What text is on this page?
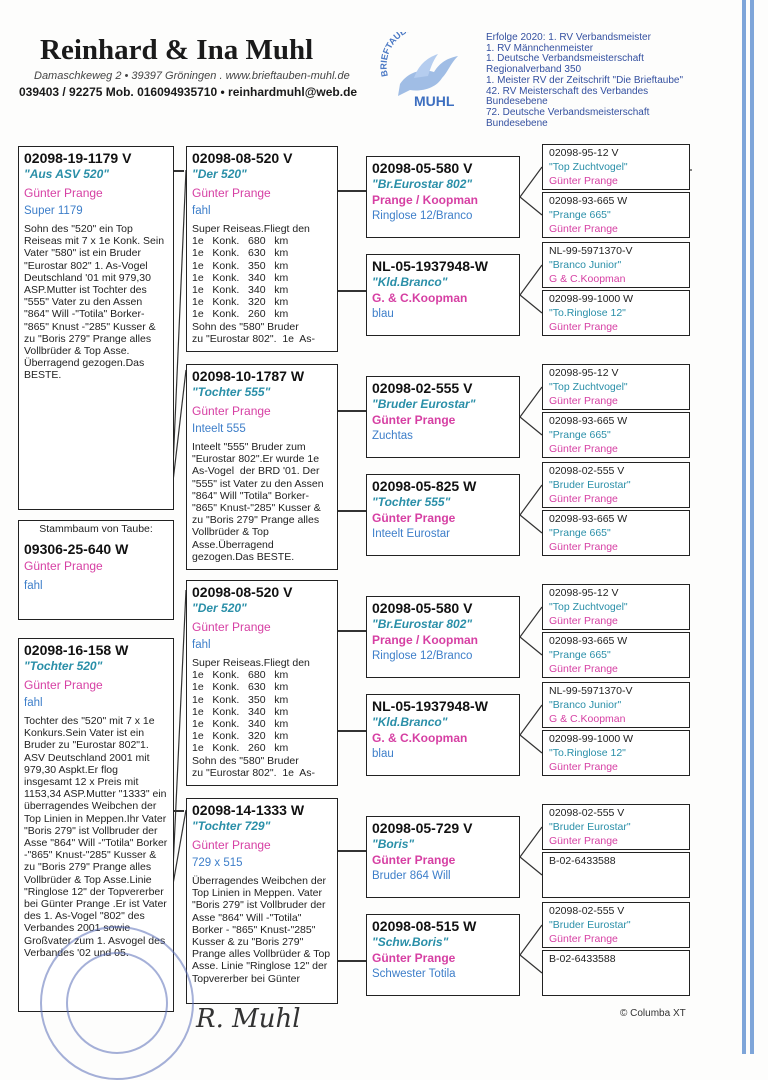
Reinhard & Ina Muhl
Damaschkeweg 2 • 39397 Gröningen . www.brieftauben-muhl.de
039403 / 92275 Mob. 016094935710 • reinhardmuhl@web.de
BRIEFTAU
MUHL
Erfolge 2020: 1. RV Verbandsmeister
1. RV Männchenmeister
1. Deutsche Verbandsmeisterschaft
Regionalverband 350
1. Meister RV der Zeitschrift "Die Brieftaube"
42. RV Meisterschaft des Verbandes
Bundesebene
72. Deutsche Verbandsmeisterschaft
Bundesebene
02098-19-1179 V
"Aus ASV 520"
Günter Prange
Super 1179
Sohn des "520" ein Top Reiseas mit 7 x 1e Konk. Sein Vater "580" ist ein Bruder "Eurostar 802" 1. As-Vogel Deutschland '01 mit 979,30 ASP.Mutter ist Tochter des "555" Vater zu den Assen "864" Will -"Totila" Borker-"865" Knust -"285" Kusser & zu "Boris 279" Prange alles Vollbrüder & Top Asse. Überragend gezogen.Das BESTE.
Stammbaum von Taube:
09306-25-640 W
Günter Prange
fahl
02098-16-158 W
"Tochter 520"
Günter Prange
fahl
Tochter des "520" mit 7 x 1e Konkurs.Sein Vater ist ein Bruder zu "Eurostar 802"1. ASV Deutschland 2001 mit 979,30 Aspkt.Er flog insgesamt 12 x Preis mit 1153,34 ASP.Mutter "1333" ein überragendes Weibchen der Top Linien in Meppen.Ihr Vater "Boris 279" ist Vollbruder der Asse "864" Will -"Totila" Borker -"865" Knust-"285" Kusser & zu "Boris 279" Prange alles Vollbrüder & Top Asse.Linie "Ringlose 12" der Topvererber bei Günter Prange .Er ist Vater des 1. As-Vogel "802" des Verbandes 2001 sowie Großvater zum 1. Asvogel des Verbandes '02 und 05.
02098-08-520 V
"Der 520"
Günter Prange
fahl
Super Reiseas.Fliegt den
1e   Konk.   680   km
1e   Konk.   630   km
1e   Konk.   350   km
1e   Konk.   340   km
1e   Konk.   340   km
1e   Konk.   320   km
1e   Konk.   260   km
Sohn des "580" Bruder
zu "Eurostar 802".  1e  As-
02098-10-1787 W
"Tochter 555"
Günter Prange
Inteelt 555
Inteelt "555" Bruder zum "Eurostar 802".Er wurde 1e As-Vogel  der BRD '01. Der "555" ist Vater zu den Assen "864" Will "Totila" Borker-"865" Knust-"285" Kusser & zu "Boris 279" Prange alles Vollbrüder & Top Asse.Überragend gezogen.Das BESTE.
02098-08-520 V
"Der 520"
Günter Prange
fahl
Super Reiseas.Fliegt den
1e   Konk.   680   km
1e   Konk.   630   km
1e   Konk.   350   km
1e   Konk.   340   km
1e   Konk.   340   km
1e   Konk.   320   km
1e   Konk.   260   km
Sohn des "580" Bruder
zu "Eurostar 802".  1e  As-
02098-14-1333 W
"Tochter 729"
Günter Prange
729 x 515
Überragendes Weibchen der Top Linien in Meppen. Vater "Boris 279" ist Vollbruder der Asse "864" Will -"Totila" Borker - "865" Knust-"285" Kusser & zu "Boris 279" Prange alles Vollbrüder & Top Asse. Linie "Ringlose 12" der Topvererber bei Günter
02098-05-580 V
"Br.Eurostar 802"
Prange / Koopman
Ringlose 12/Branco
NL-05-1937948-W
"Kld.Branco"
G. & C.Koopman
blau
02098-02-555 V
"Bruder Eurostar"
Günter Prange
Zuchtas
02098-05-825 W
"Tochter 555"
Günter Prange
Inteelt Eurostar
02098-05-580 V
"Br.Eurostar 802"
Prange / Koopman
Ringlose 12/Branco
NL-05-1937948-W
"Kld.Branco"
G. & C.Koopman
blau
02098-05-729 V
"Boris"
Günter Prange
Bruder 864 Will
02098-08-515 W
"Schw.Boris"
Günter Prange
Schwester Totila
02098-95-12 V
"Top Zuchtvogel"
Günter Prange
02098-93-665 W
"Prange 665"
Günter Prange
NL-99-5971370-V
"Branco Junior"
G & C.Koopman
02098-99-1000 W
"To.Ringlose 12"
Günter Prange
02098-95-12 V
"Top Zuchtvogel"
Günter Prange
02098-93-665 W
"Prange 665"
Günter Prange
02098-02-555 V
"Bruder Eurostar"
Günter Prange
02098-93-665 W
"Prange 665"
Günter Prange
02098-95-12 V
"Top Zuchtvogel"
Günter Prange
02098-93-665 W
"Prange 665"
Günter Prange
NL-99-5971370-V
"Branco Junior"
G & C.Koopman
02098-99-1000 W
"To.Ringlose 12"
Günter Prange
02098-02-555 V
"Bruder Eurostar"
Günter Prange
B-02-6433588
02098-02-555 V
"Bruder Eurostar"
Günter Prange
B-02-6433588
R. Muhl	© Columba XT
